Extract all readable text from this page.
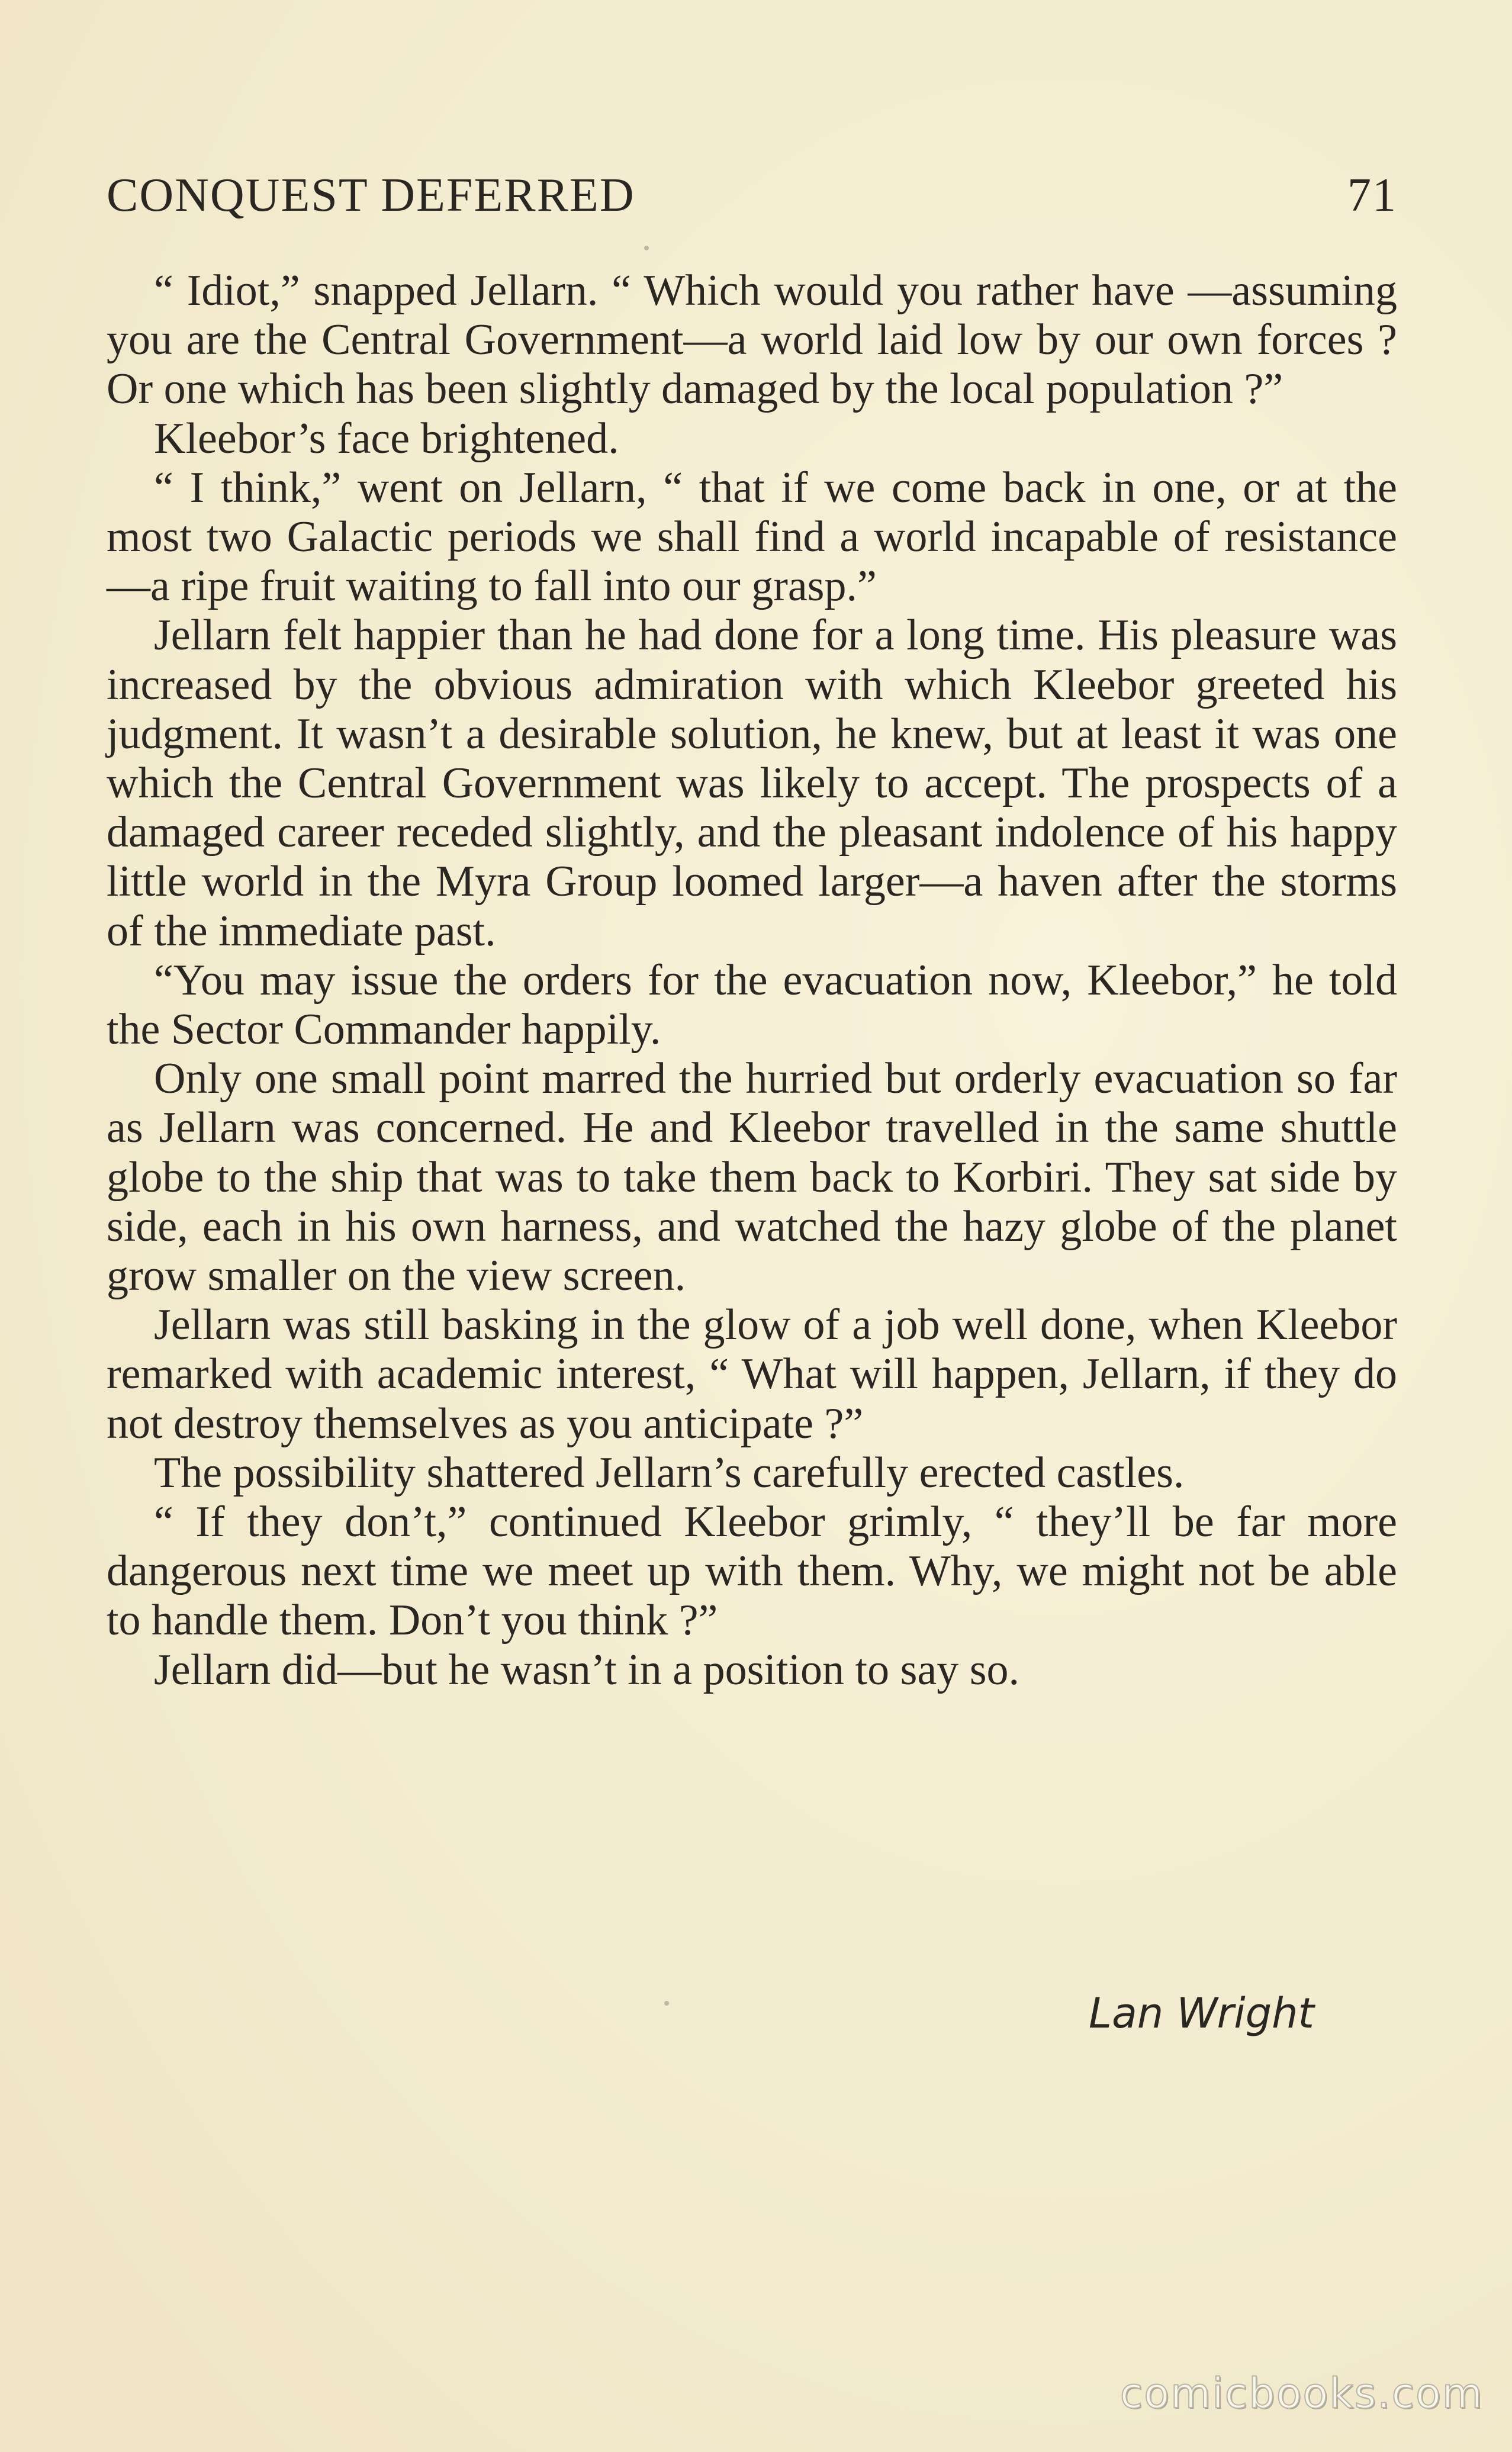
CONQUEST DEFERRED	71

“ Idiot,” snapped Jellarn. “ Which would you rather have —assuming you are the Central Government—a world laid low by our own forces ? Or one which has been slightly damaged by the local population ?”

Kleebor’s face brightened.

“ I think,” went on Jellarn, “ that if we come back in one, or at the most two Galactic periods we shall find a world incapable of resistance—a ripe fruit waiting to fall into our grasp.”

Jellarn felt happier than he had done for a long time. His pleasure was increased by the obvious admiration with which Kleebor greeted his judgment. It wasn’t a desirable solution, he knew, but at least it was one which the Central Government was likely to accept. The prospects of a damaged career receded slightly, and the pleasant indolence of his happy little world in the Myra Group loomed larger—a haven after the storms of the immediate past.

“You may issue the orders for the evacuation now, Kleebor,” he told the Sector Commander happily.

Only one small point marred the hurried but orderly evacuation so far as Jellarn was concerned. He and Kleebor travelled in the same shuttle globe to the ship that was to take them back to Korbiri. They sat side by side, each in his own harness, and watched the hazy globe of the planet grow smaller on the view screen.

Jellarn was still basking in the glow of a job well done, when Kleebor remarked with academic interest, “ What will happen, Jellarn, if they do not destroy themselves as you anticipate ?”

The possibility shattered Jellarn’s carefully erected castles.

“ If they don’t,” continued Kleebor grimly, “ they’ll be far more dangerous next time we meet up with them. Why, we might not be able to handle them. Don’t you think ?”

Jellarn did—but he wasn’t in a position to say so.

Lan Wright
comicbooks.com
